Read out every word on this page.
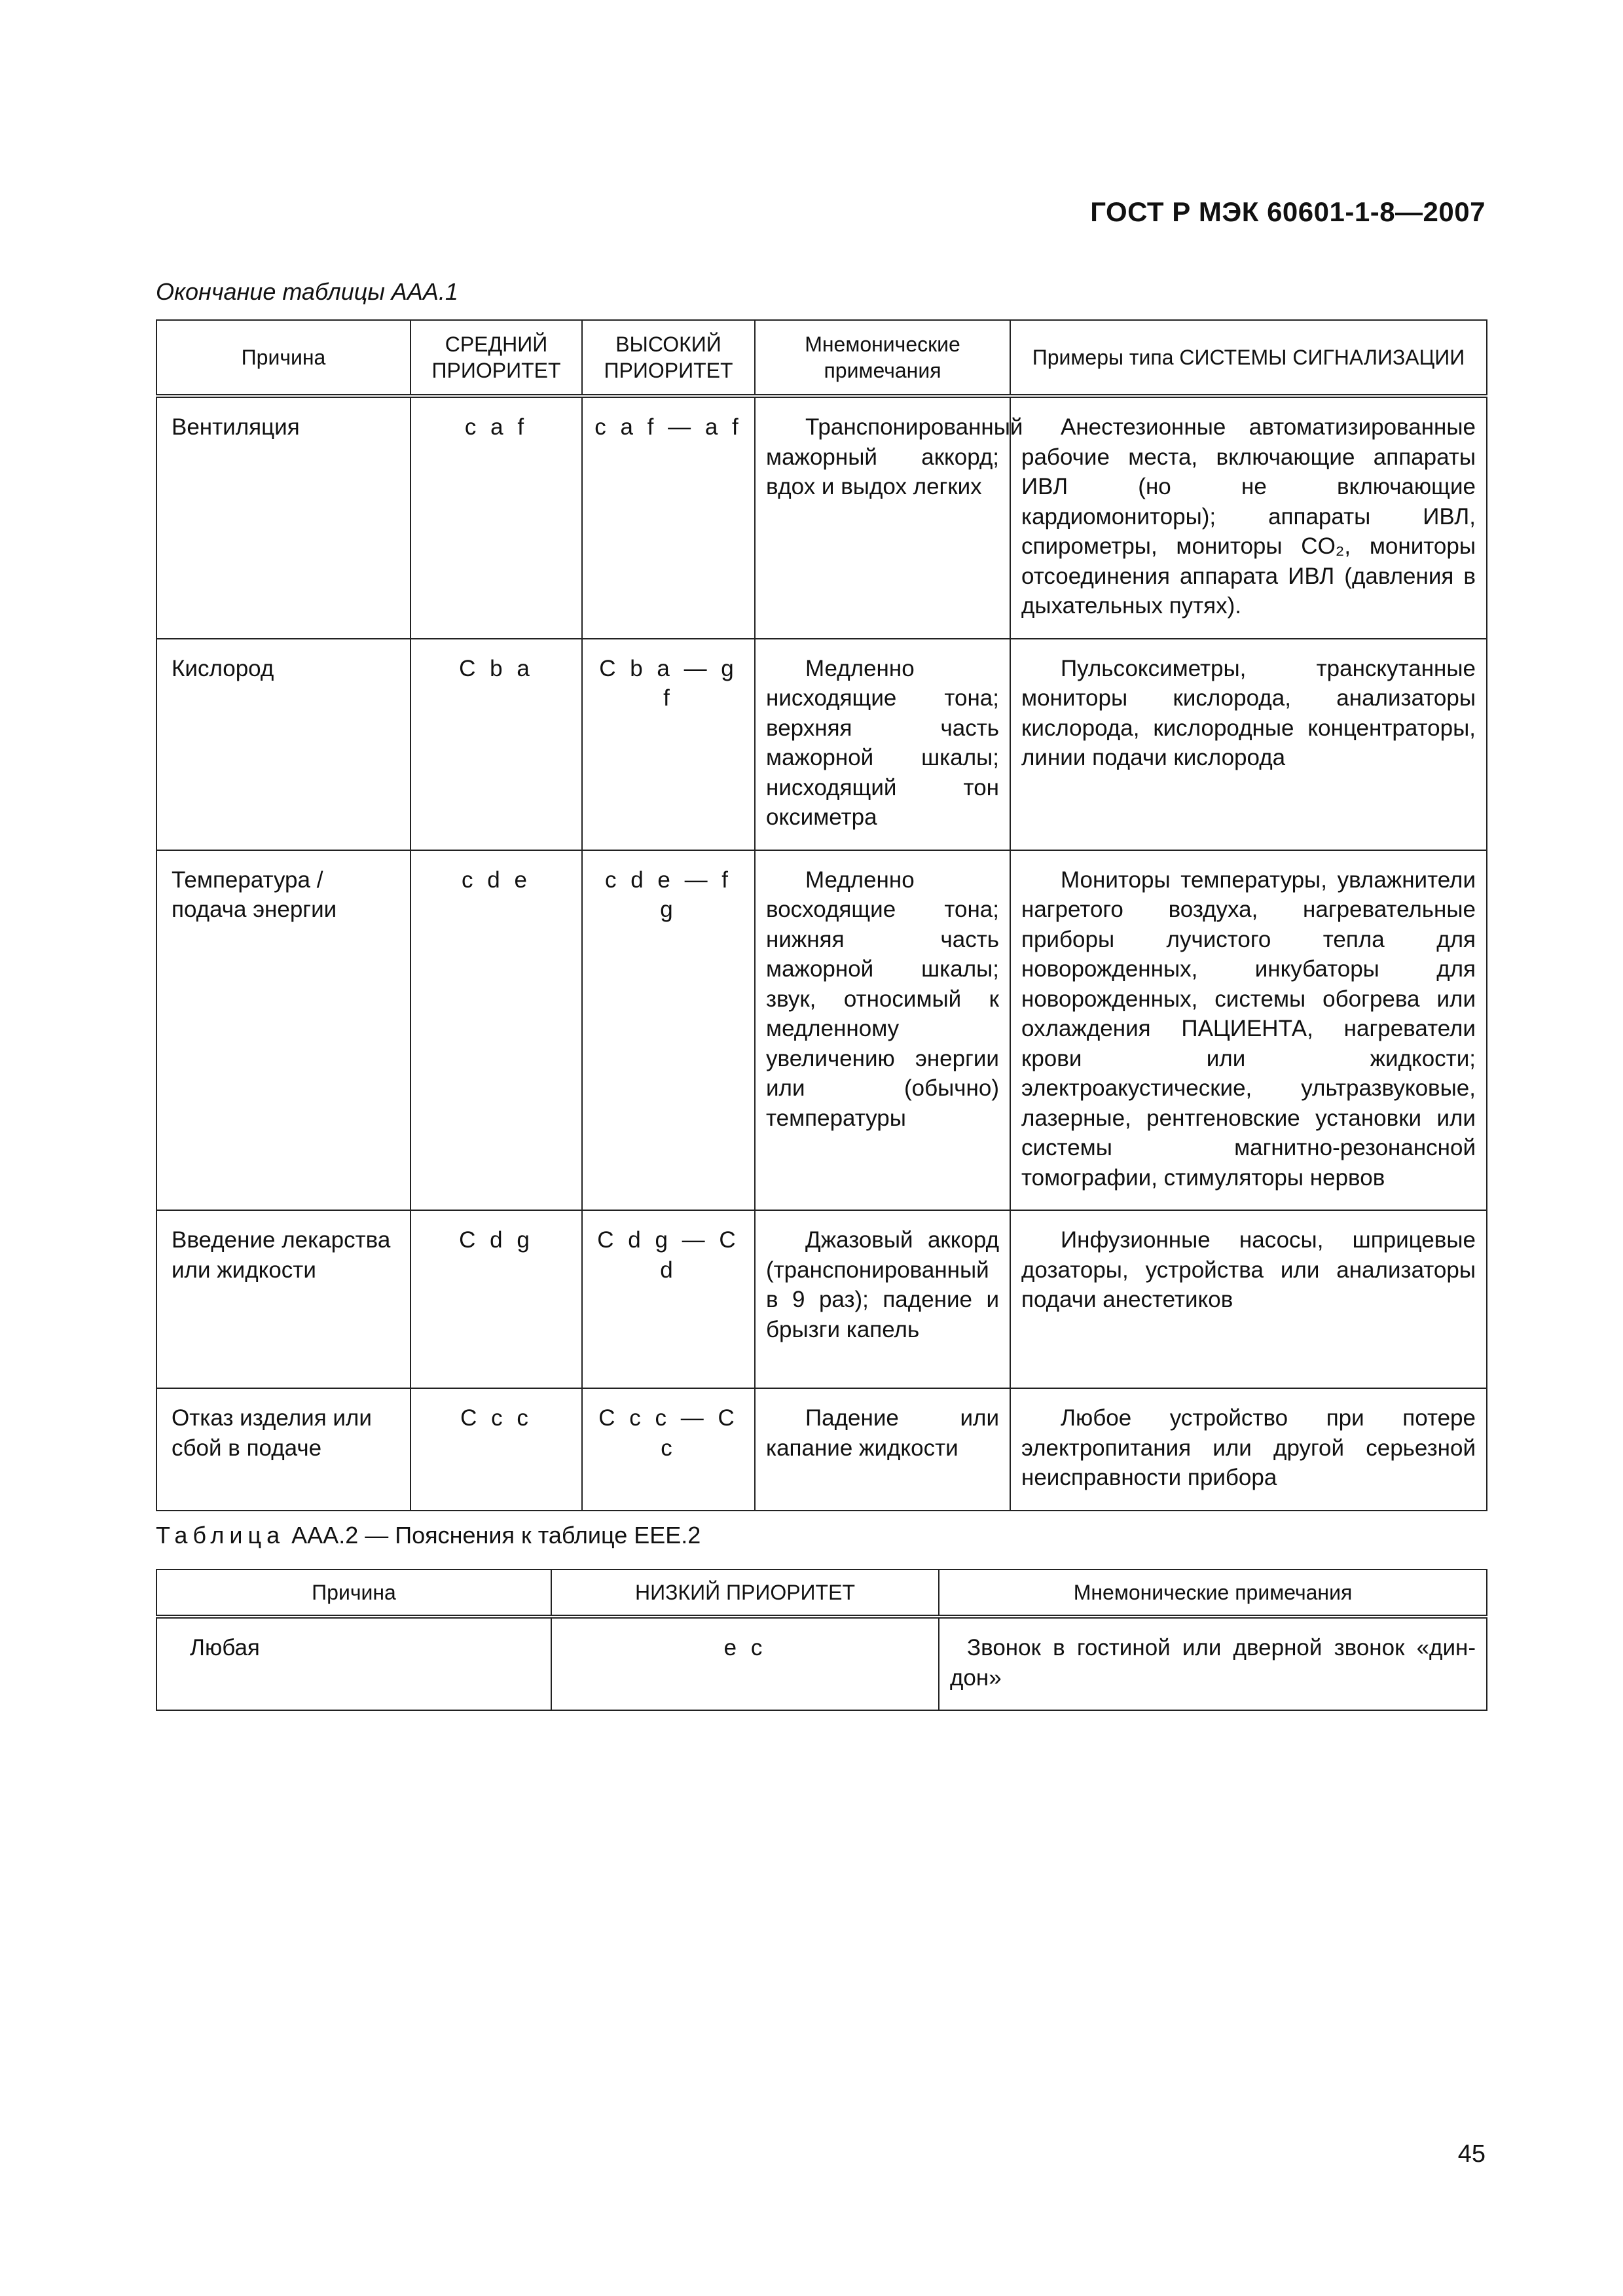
ГОСТ Р МЭК 60601-1-8—2007
Окончание таблицы ААА.1
Причина	СРЕДНИЙ ПРИОРИТЕТ	ВЫСОКИЙ ПРИОРИТЕТ	Мнемонические примечания	Примеры типа СИСТЕМЫ СИГНАЛИЗАЦИИ
Вентиляция	c a f	c a f — a f	Транспонированный мажорный аккорд; вдох и выдох легких	Анестезионные автоматизированные рабочие места, включающие аппараты ИВЛ (но не включающие кардиомониторы); аппараты ИВЛ, спирометры, мониторы CO₂, мониторы отсоединения аппарата ИВЛ (давления в дыхательных путях).
Кислород	C b a	C b a — g f	Медленно нисходящие тона; верхняя часть мажорной шкалы; нисходящий тон оксиметра	Пульсоксиметры, транскутанные мониторы кислорода, анализаторы кислорода, кислородные концентраторы, линии подачи кислорода
Температура / подача энергии	c d e	c d e — f g	Медленно восходящие тона; нижняя часть мажорной шкалы; звук, относимый к медленному увеличению энергии или (обычно) температуры	Мониторы температуры, увлажнители нагретого воздуха, нагревательные приборы лучистого тепла для новорожденных, инкубаторы для новорожденных, системы обогрева или охлаждения ПАЦИЕНТА, нагреватели крови или жидкости; электроакустические, ультразвуковые, лазерные, рентгеновские установки или системы магнитно-резонансной томографии, стимуляторы нервов
Введение лекарства или жидкости	C d g	C d g — C d	Джазовый аккорд (транспонированный в 9 раз); падение и брызги капель	Инфузионные насосы, шприцевые дозаторы, устройства или анализаторы подачи анестетиков
Отказ изделия или сбой в подаче	C c c	C c c — C c	Падение или капание жидкости	Любое устройство при потере электропитания или другой серьезной неисправности прибора
Таблица ААА.2 — Пояснения к таблице ЕЕЕ.2
Причина	НИЗКИЙ ПРИОРИТЕТ	Мнемонические примечания
Любая	e c	Звонок в гостиной или дверной звонок «дин-дон»
45
